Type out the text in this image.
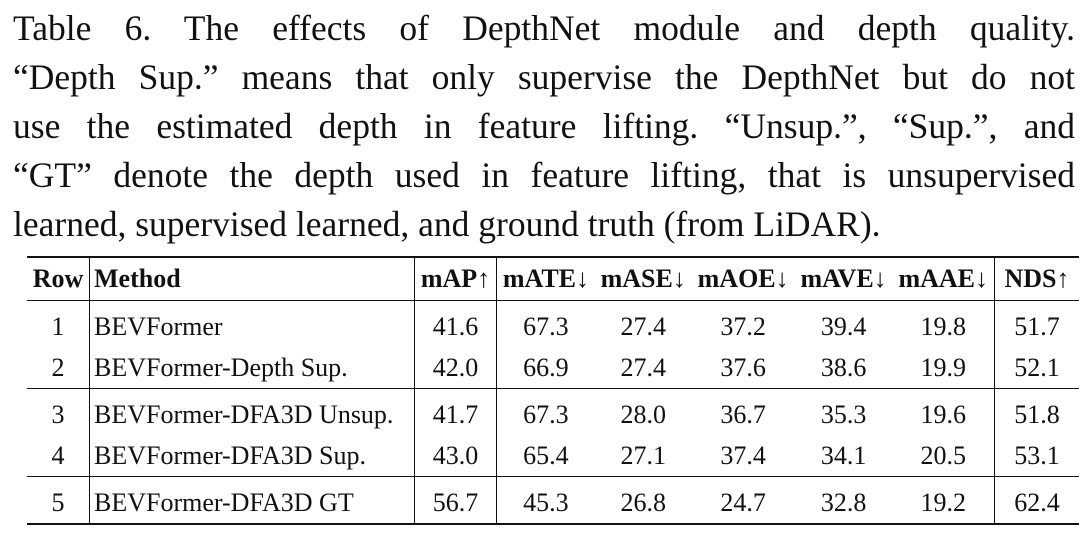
Table 6. The effects of DepthNet module and depth quality.
“Depth Sup.” means that only supervise the DepthNet but do not
use the estimated depth in feature lifting. “Unsup.”, “Sup.”, and
“GT” denote the depth used in feature lifting, that is unsupervised
learned, supervised learned, and ground truth (from LiDAR).
Row	Method	mAP↑	mATE↓	mASE↓	mAOE↓	mAVE↓	mAAE↓	NDS↑
1	BEVFormer	41.6	67.3	27.4	37.2	39.4	19.8	51.7
2	BEVFormer-Depth Sup.	42.0	66.9	27.4	37.6	38.6	19.9	52.1
3	BEVFormer-DFA3D Unsup.	41.7	67.3	28.0	36.7	35.3	19.6	51.8
4	BEVFormer-DFA3D Sup.	43.0	65.4	27.1	37.4	34.1	20.5	53.1
5	BEVFormer-DFA3D GT	56.7	45.3	26.8	24.7	32.8	19.2	62.4
